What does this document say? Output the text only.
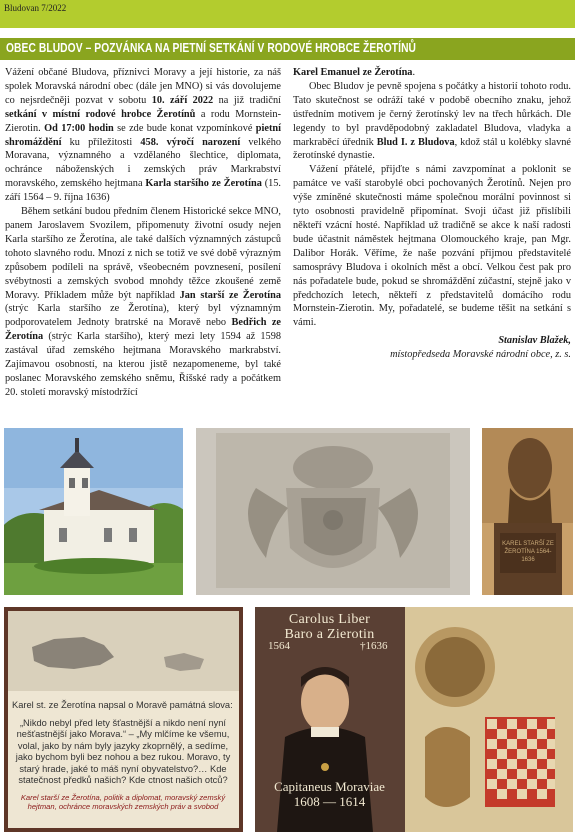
Bludovan 7/2022
OBEC BLUDOV – POZVÁNKA NA PIETNÍ SETKÁNÍ V RODOVÉ HROBCE ŽEROTÍNŮ

Vážení občané Bludova, příznivci Moravy a její historie, za náš spolek Moravská národní obec (dále jen MNO) si vás dovolujeme co nejsrdečněji pozvat v sobotu 10. září 2022 na již tradiční setkání v místní rodové hrobce Žerotínů a rodu Mornstein-Zierotin. Od 17:00 hodin se zde bude konat vzpomínkové pietní shromáždění ku příležitosti 458. výročí narození velkého Moravana, významného a vzdělaného šlechtice, diplomata, ochránce náboženských i zemských práv Markrabství moravského, zemského hejtmana Karla staršího ze Žerotína (15. září 1564 – 9. října 1636)

Během setkání budou předním členem Historické sekce MNO, panem Jaroslavem Svozilem, připomenuty životní osudy nejen Karla staršího ze Žerotína, ale také dalších významných zástupců tohoto slavného rodu. Mnozí z nich se totiž ve své době výrazným způsobem podíleli na správě, všeobecném povznesení, posílení svébytnosti a zemských svobod mnohdy těžce zkoušené země Moravy. Příkladem může být například Jan starší ze Žerotína (strýc Karla staršího ze Žerotína), který byl významným podporovatelem Jednoty bratrské na Moravě nebo Bedřich ze Žerotína (strýc Karla staršího), který mezi lety 1594 až 1598 zastával úřad zemského hejtmana Moravského markrabství. Zajímavou osobností, na kterou jistě nezapomeneme, byl také poslanec Moravského zemského sněmu, Říšské rady a počátkem 20. století moravský místodržící

Karel Emanuel ze Žerotína.

Obec Bludov je pevně spojena s počátky a historií tohoto rodu. Tato skutečnost se odráží také v podobě obecního znaku, jehož ústředním motivem je černý žerotínský lev na třech hůrkách. Dle legendy to byl pravděpodobný zakladatel Bludova, vladyka a markraběcí úředník Blud I. z Bludova, kdož stál u kolébky slavné žerotínské dynastie.

Vážení přátelé, přijďte s námi zavzpomínat a poklonit se památce ve vaší starobylé obci pochovaných Žerotínů. Nejen pro výše zmíněné skutečnosti máme společnou morální povinnost si tyto osobnosti pravidelně připomínat. Svoji účast již přislíbili někteří vzácní hosté. Například už tradičně se akce k naší radosti bude účastnit náměstek hejtmana Olomouckého kraje, pan Mgr. Dalibor Horák. Věříme, že naše pozvání přijmou představitelé samosprávy Bludova i okolních měst a obcí. Velkou čest pak pro nás pořadatele bude, pokud se shromáždění zúčastní, stejně jako v předchozích letech, někteří z představitelů domácího rodu Mornstein-Zierotin. My, pořadatelé, se budeme těšit na setkání s vámi.

Stanislav Blažek,
místopředseda Moravské národní obce, z. s.

KAREL STARŠÍ ZE ŽEROTÍNA 1564-1636
Karel st. ze Žerotína napsal o Moravě památná slova:
„Nikdo nebyl před lety šťastnější a nikdo není nyní nešťastnější jako Morava.“ – „My mlčíme ke všemu, volal, jako by nám byly jazyky zkoprnělý, a sedíme, jako bychom byli bez nohou a bez rukou. Moravo, ty starý hrade, jaké to máš nyní obyvatelstvo?… Kde statečnost předků našich? Kde ctnost našich otců?
Karel starší ze Žerotína, politik a diplomat, moravský zemský hejtman, ochránce moravských zemských práv a svobod
Carolus Liber
Baro a Zierotin
1564	†1636
Capitaneus Moraviae
1608 — 1614
